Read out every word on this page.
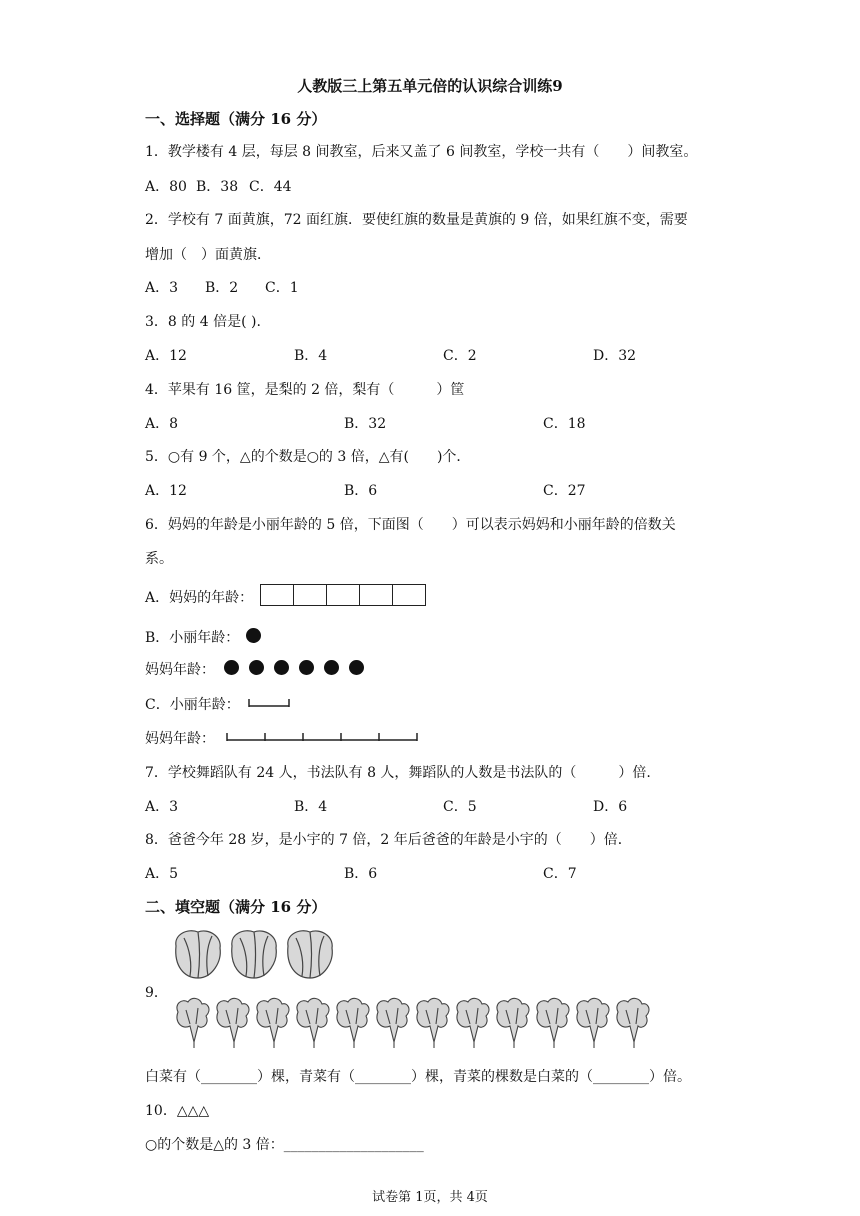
人教版三上第五单元倍的认识综合训练9
一、选择题（满分 16 分）
1．教学楼有 4 层，每层 8 间教室，后来又盖了 6 间教室，学校一共有（　　）间教室。
A．80 B．38 C．44
2．学校有 7 面黄旗，72 面红旗．要使红旗的数量是黄旗的 9 倍，如果红旗不变，需要
增加（　）面黄旗．
A．3 B．2 C．1
3．8 的 4 倍是( ).
A．12	B．4	C．2	D．32
4．苹果有 16 筐，是梨的 2 倍，梨有（　　　）筐
A．8	B．32	C．18
5．○有 9 个，△的个数是○的 3 倍，△有(　　)个．
A．12	B．6	C．27
6．妈妈的年龄是小丽年龄的 5 倍，下面图（　　）可以表示妈妈和小丽年龄的倍数关
系。
A．妈妈的年龄：
B．小丽年龄：
妈妈年龄：
C．小丽年龄：
妈妈年龄：
7．学校舞蹈队有 24 人，书法队有 8 人，舞蹈队的人数是书法队的（　　　）倍.
A．3	B．4	C．5	D．6
8．爸爸今年 28 岁，是小宇的 7 倍，2 年后爸爸的年龄是小宇的（　　）倍．
A．5	B．6	C．7
二、填空题（满分 16 分）
9．
白菜有（________）棵，青菜有（________）棵，青菜的棵数是白菜的（________）倍。
10．△△△
○的个数是△的 3 倍：____________________
试卷第 1页，共 4页
